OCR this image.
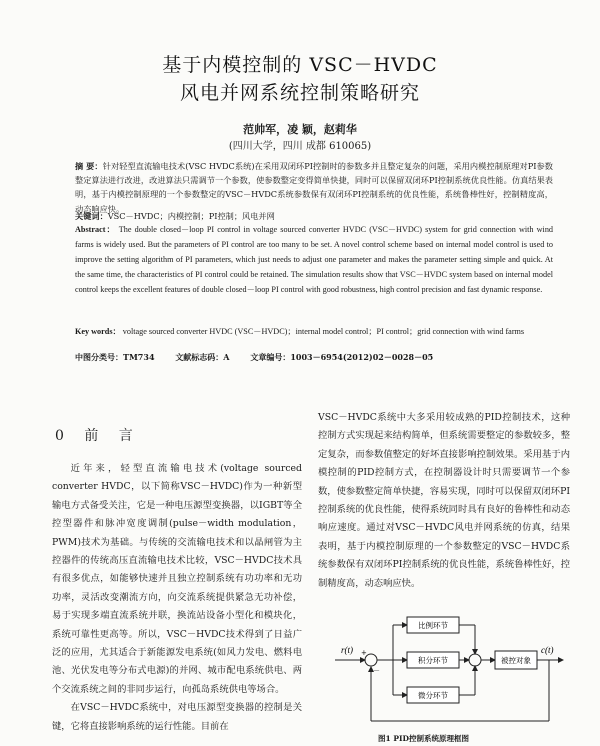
基于内模控制的 VSC－HVDC
风电并网系统控制策略研究
范帅军，凌 颖，赵莉华
(四川大学，四川 成都 610065)
摘 要：针对轻型直流输电技术(VSC HVDC系统)在采用双闭环PI控制时的参数多并且整定复杂的问题，采用内模控制原理对PI参数整定算法进行改进，改进算法只需调节一个参数，使参数整定变得简单快捷，同时可以保留双闭环PI控制系统优良性能。仿真结果表明，基于内模控制原理的一个参数整定的VSC－HVDC系统参数保有双闭环PI控制系统的优良性能，系统鲁棒性好，控制精度高，动态响应快。
关键词：VSC－HVDC；内模控制；PI控制；风电并网
Abstract： The double closed－loop PI control in voltage sourced converter HVDC (VSC－HVDC) system for grid connection with wind farms is widely used. But the parameters of PI control are too many to be set. A novel control scheme based on internal model control is used to improve the setting algorithm of PI parameters, which just needs to adjust one parameter and makes the parameter setting simple and quick. At the same time, the characteristics of PI control could be retained. The simulation results show that VSC－HVDC system based on internal model control keeps the excellent features of double closed－loop PI control with good robustness, high control precision and fast dynamic response.
Key words： voltage sourced converter HVDC (VSC－HVDC)；internal model control；PI control；grid connection with wind farms
中图分类号：TM734	文献标志码：A	文章编号：1003－6954(2012)02－0028－05
0 前 言

近年来，轻型直流输电技术(voltage sourced converter HVDC，以下简称VSC－HVDC)作为一种新型输电方式备受关注，它是一种电压源型变换器，以IGBT等全控型器件和脉冲宽度调制(pulse－width modulation，PWM)技术为基础。与传统的交流输电技术和以晶闸管为主控器件的传统高压直流输电技术比较，VSC－HVDC技术具有很多优点，如能够快速并且独立控制系统有功功率和无功功率，灵活改变潮流方向，向交流系统提供紧急无功补偿，易于实现多端直流系统并联，换流站设备小型化和模块化，系统可靠性更高等。所以，VSC－HVDC技术得到了日益广泛的应用，尤其适合于新能源发电系统(如风力发电、燃料电池、光伏发电等分布式电源)的并网、城市配电系统供电、两个交流系统之间的非同步运行，向孤岛系统供电等场合。

在VSC－HVDC系统中，对电压源型变换器的控制是关键，它将直接影响系统的运行性能。目前在

VSC－HVDC系统中大多采用较成熟的PID控制技术，这种控制方式实现起来结构简单，但系统需要整定的参数较多，整定复杂，而参数值整定的好坏直接影响控制效果。采用基于内模控制的PID控制方式，在控制器设计时只需要调节一个参数，使参数整定简单快捷，容易实现，同时可以保留双闭环PI控制系统的优良性能，使得系统同时具有良好的鲁棒性和动态响应速度。通过对VSC－HVDC风电并网系统的仿真，结果表明，基于内模控制原理的一个参数整定的VSC－HVDC系统参数保有双闭环PI控制系统的优良性能，系统鲁棒性好，控制精度高，动态响应快。

r(t) +
－
比例环节
积分环节
微分环节
被控对象
c(t)
图1 PID控制系统原理框图
